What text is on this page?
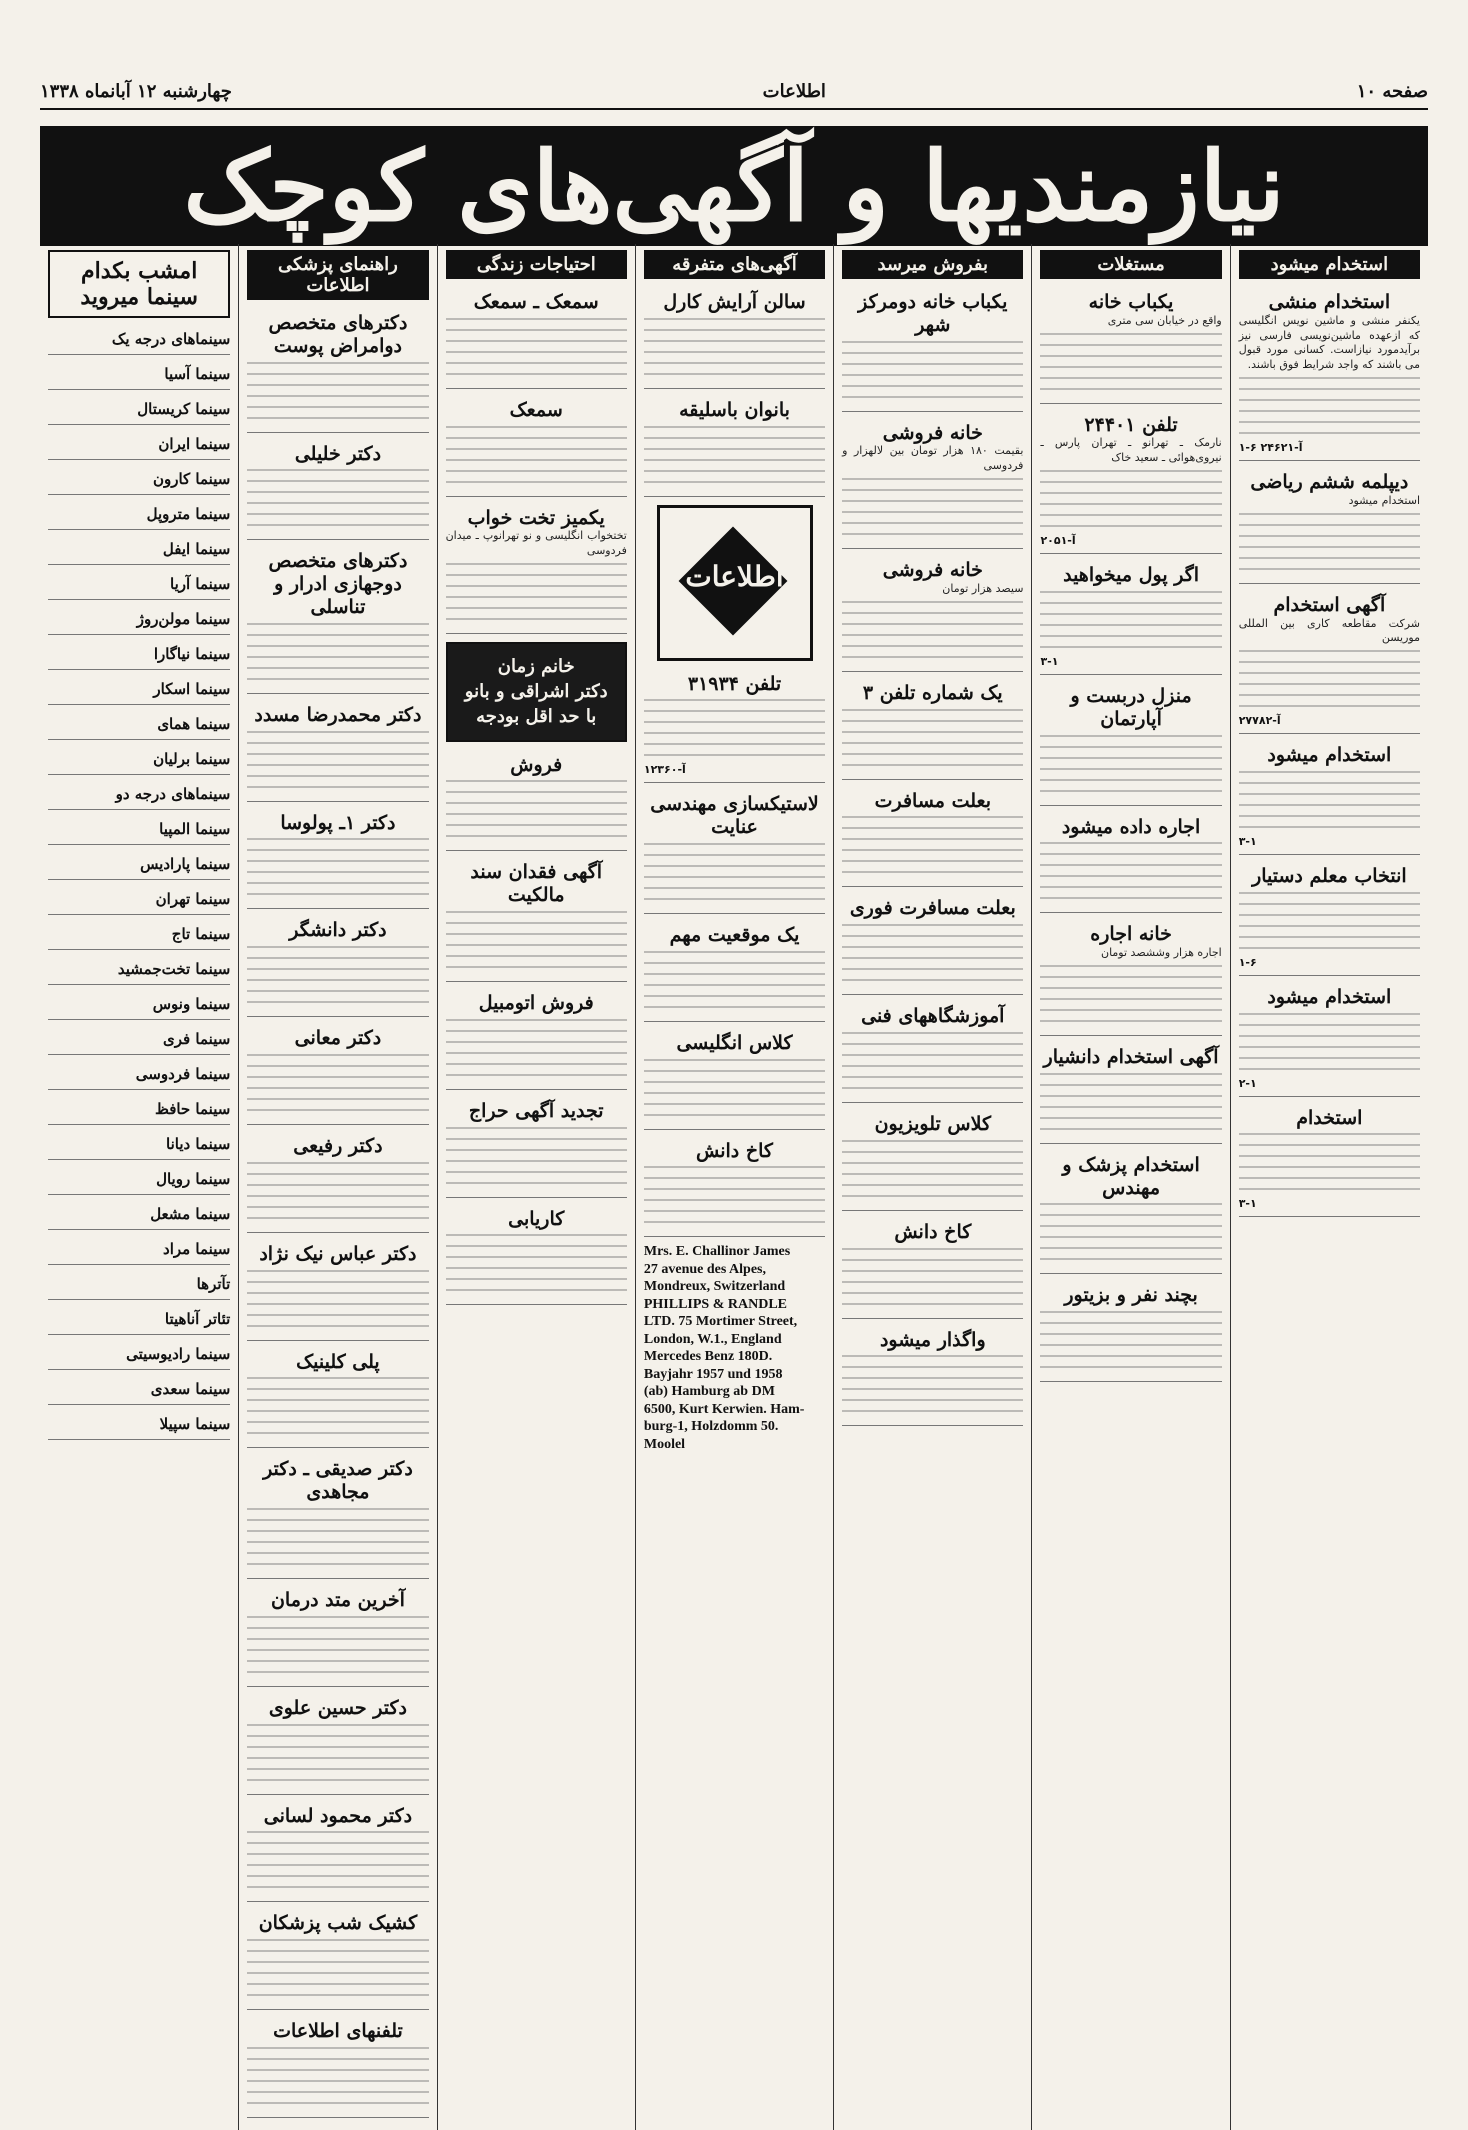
صفحه ۱۰
اطلاعات
چهارشنبه ۱۲ آبانماه ۱۳۳۸
نیازمندیها و آگهی‌های کوچک
استخدام میشود
استخدام منشی
یکنفر منشی و ماشین نویس انگلیسی که ازعهده ماشین‌نویسی فارسی نیز برآیدمورد نیازاست. کسانی مورد قبول می باشند که واجد شرایط فوق باشند.
۱-۶ آ-۲۴۶۲۱
دیپلمه ششم ریاضی
استخدام میشود
آگهی استخدام
شرکت مقاطعه کاری بین المللی موریسن
آ-۲۷۷۸۲
استخدام میشود
۳-۱
انتخاب معلم دستیار
۱-۶
استخدام میشود
۲-۱
استخدام
۳-۱
مستغلات
یکباب خانه
واقع در خیابان سی متری
تلفن ۲۴۴۰۱
نارمک ـ تهرانو ـ تهران پارس ـ نیروی‌هوائی ـ سعید خاک
آ-۲۰۵۱
اگر پول میخواهید
۳-۱
منزل دربست و آپارتمان
اجاره داده میشود
خانه اجاره
اجاره هزار وششصد تومان
آگهی استخدام دانشیار
استخدام پزشک و مهندس
بچند نفر و بزیتور
بفروش میرسد
یکباب خانه دومرکز شهر
خانه فروشی
بقیمت ۱۸۰ هزار تومان بین لالهزار و فردوسی
خانه فروشی
سیصد هزار تومان
یک شماره تلفن ۳
بعلت مسافرت
بعلت مسافرت فوری
آموزشگاههای فنی
کلاس تلویزیون
کاخ دانش
واگذار میشود
آگهی‌های متفرقه
سالن آرایش کارل
بانوان باسلیقه
اطلاعات
تلفن ۳۱۹۳۴
آ-۱۲۳۶۰
لاستیکسازی مهندسی عنایت
یک موقعیت مهم
کلاس انگلیسی
کاخ دانش
Mrs. E. Challinor James
27 avenue des Alpes,
Mondreux, Switzerland
PHILLIPS & RANDLE
LTD. 75 Mortimer Street,
London, W.1., England
Mercedes Benz 180D.
Bayjahr 1957 und 1958
(ab) Hamburg ab DM
6500, Kurt Kerwien. Ham-
burg-1, Holzdomm 50.
Moolel
احتیاجات زندگی
سمعک ـ سمعک
سمعک
یکمیز تخت خواب
تختخواب انگلیسی و نو تهرانوپ ـ میدان فردوسی
خانم زمان
دکتر اشراقی و بانو
با حد اقل بودجه
فروش
آگهی فقدان سند مالکیت
فروش اتومبیل
تجدید آگهی حراج
کاریابی
راهنمای پزشکی اطلاعات
دکترهای متخصص دوامراض پوست
دکتر خلیلی
دکترهای متخصص دوجهازی ادرار و تناسلی
دکتر محمدرضا مسدد
دکتر ۱ـ پولوسا
دکتر دانشگر
دکتر معانی
دکتر رفیعی
دکتر عباس نیک نژاد
پلی کلینیک
دکتر صدیقی ـ دکتر مجاهدی
آخرین متد درمان
دکتر حسین علوی
دکتر محمود لسانی
کشیک شب پزشکان
تلفنهای اطلاعات
امشب بکدام سینما میروید
سینماهای درجه یک
سینما آسیا
سینما کریستال
سینما ایران
سینما کارون
سینما متروپل
سینما ایفل
سینما آریا
سینما مولن‌روژ
سینما نیاگارا
سینما اسکار
سینما همای
سینما برلیان
سینماهای درجه دو
سینما المپیا
سینما پارادیس
سینما تهران
سینما تاج
سینما تخت‌جمشید
سینما ونوس
سینما فری
سینما فردوسی
سینما حافظ
سینما دیانا
سینما رویال
سینما مشعل
سینما مراد
تآترها
تئاتر آناهیتا
سینما رادیوسیتی
سینما سعدی
سینما سپیلا
